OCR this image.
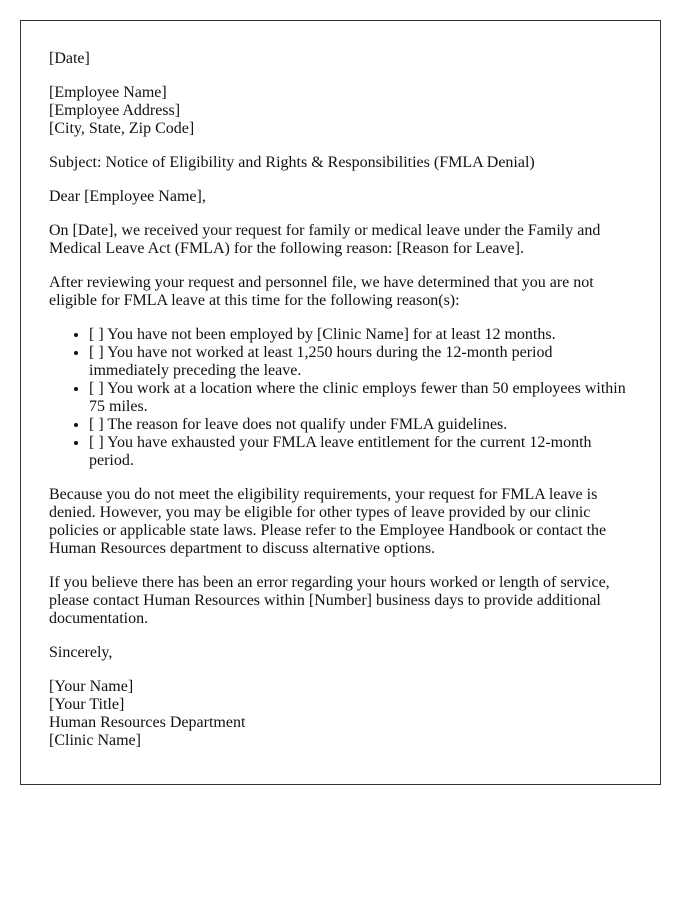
[Date]

[Employee Name]
[Employee Address]
[City, State, Zip Code]

Subject: Notice of Eligibility and Rights & Responsibilities (FMLA Denial)

Dear [Employee Name],

On [Date], we received your request for family or medical leave under the Family and Medical Leave Act (FMLA) for the following reason: [Reason for Leave].

After reviewing your request and personnel file, we have determined that you are not eligible for FMLA leave at this time for the following reason(s):

• [ ] You have not been employed by [Clinic Name] for at least 12 months.
• [ ] You have not worked at least 1,250 hours during the 12-month period immediately preceding the leave.
• [ ] You work at a location where the clinic employs fewer than 50 employees within 75 miles.
• [ ] The reason for leave does not qualify under FMLA guidelines.
• [ ] You have exhausted your FMLA leave entitlement for the current 12-month period.

Because you do not meet the eligibility requirements, your request for FMLA leave is denied. However, you may be eligible for other types of leave provided by our clinic policies or applicable state laws. Please refer to the Employee Handbook or contact the Human Resources department to discuss alternative options.

If you believe there has been an error regarding your hours worked or length of service, please contact Human Resources within [Number] business days to provide additional documentation.

Sincerely,

[Your Name]
[Your Title]
Human Resources Department
[Clinic Name]
